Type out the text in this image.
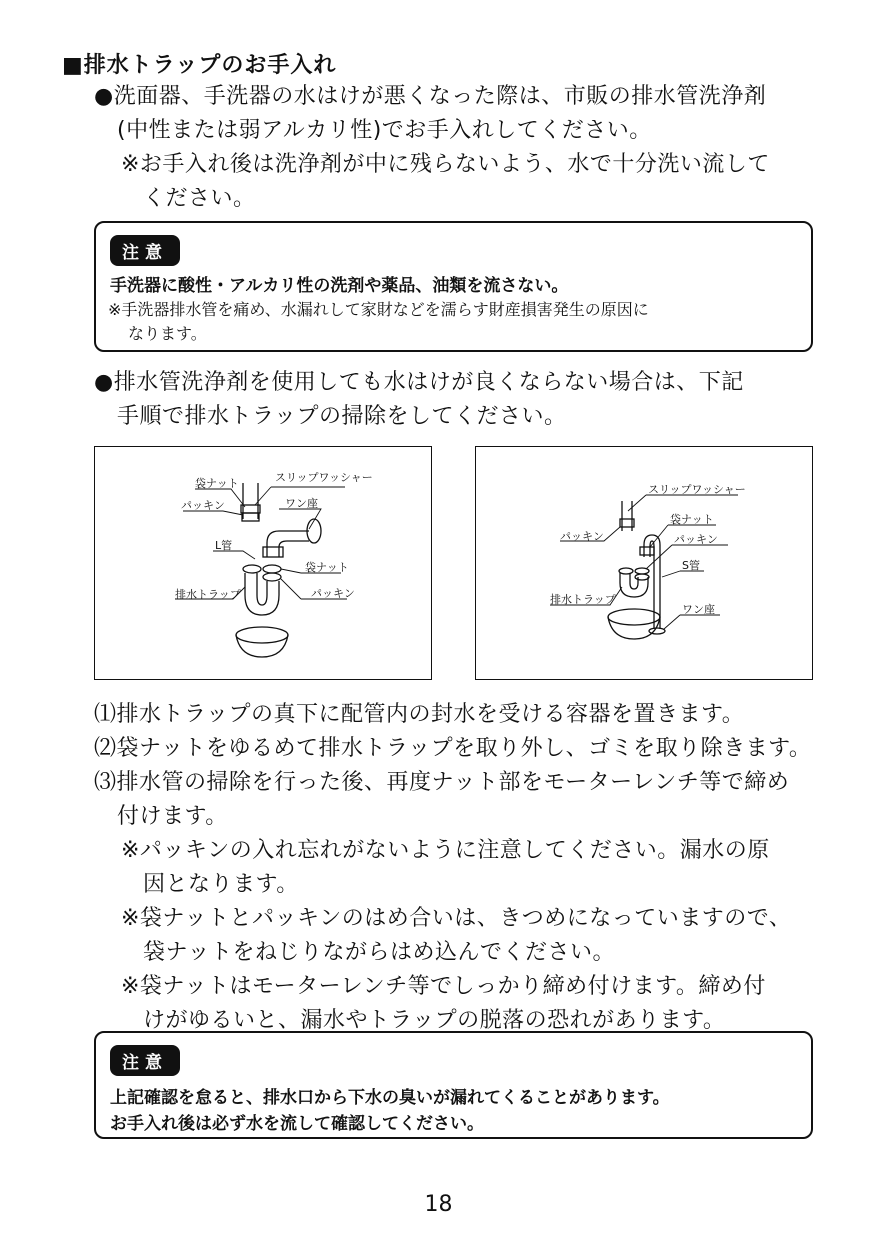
■排水トラップのお手入れ
●洗面器、手洗器の水はけが悪くなった際は、市販の排水管洗浄剤
(中性または弱アルカリ性)でお手入れしてください。
※お手入れ後は洗浄剤が中に残らないよう、水で十分洗い流して
ください。
注意
手洗器に酸性・アルカリ性の洗剤や薬品、油類を流さない。
※手洗器排水管を痛め、水漏れして家財などを濡らす財産損害発生の原因に
なります。
●排水管洗浄剤を使用しても水はけが良くならない場合は、下記
手順で排水トラップの掃除をしてください。
袋ナット	スリップワッシャー
パッキン	ワン座
L管
袋ナット
排水トラップ	パッキン
スリップワッシャー
袋ナット
パッキン	パッキン
S管
排水トラップ
ワン座
⑴排水トラップの真下に配管内の封水を受ける容器を置きます。
⑵袋ナットをゆるめて排水トラップを取り外し、ゴミを取り除きます。
⑶排水管の掃除を行った後、再度ナット部をモーターレンチ等で締め
付けます。
※パッキンの入れ忘れがないように注意してください。漏水の原
因となります。
※袋ナットとパッキンのはめ合いは、きつめになっていますので、
袋ナットをねじりながらはめ込んでください。
※袋ナットはモーターレンチ等でしっかり締め付けます。締め付
けがゆるいと、漏水やトラップの脱落の恐れがあります。
注意
上記確認を怠ると、排水口から下水の臭いが漏れてくることがあります。
お手入れ後は必ず水を流して確認してください。
18
